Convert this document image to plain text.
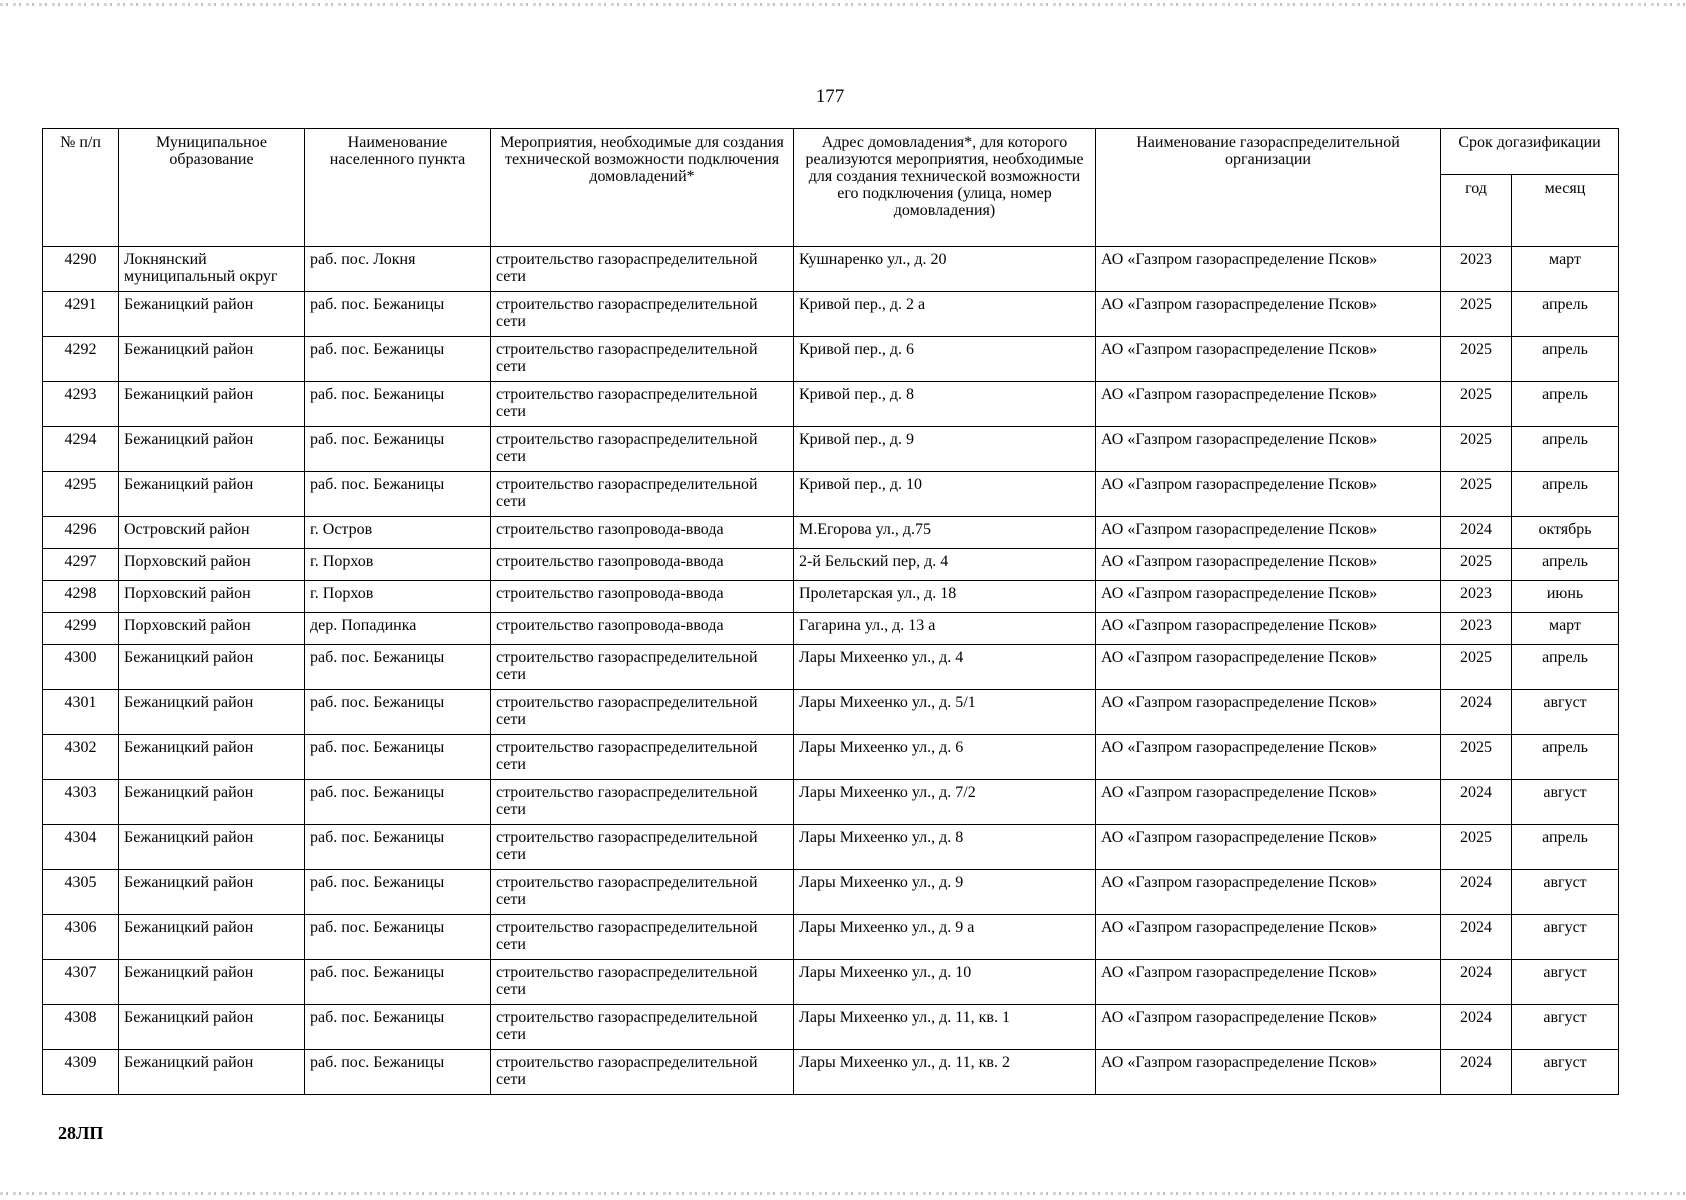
177
№ п/п	Муниципальное образование	Наименование населенного пункта	Мероприятия, необходимые для создания технической возможности подключения домовладений*	Адрес домовладения*, для которого реализуются мероприятия, необходимые для создания технической возможности его подключения (улица, номер домовладения)	Наименование газораспределительной организации	Срок догазификации	
						год	месяц
4290	Локнянский муниципальный округ	раб. пос. Локня	строительство газораспределительной сети	Кушнаренко ул., д. 20	АО «Газпром газораспределение Псков»	2023	март
4291	Бежаницкий район	раб. пос. Бежаницы	строительство газораспределительной сети	Кривой пер., д. 2 а	АО «Газпром газораспределение Псков»	2025	апрель
4292	Бежаницкий район	раб. пос. Бежаницы	строительство газораспределительной сети	Кривой пер., д. 6	АО «Газпром газораспределение Псков»	2025	апрель
4293	Бежаницкий район	раб. пос. Бежаницы	строительство газораспределительной сети	Кривой пер., д. 8	АО «Газпром газораспределение Псков»	2025	апрель
4294	Бежаницкий район	раб. пос. Бежаницы	строительство газораспределительной сети	Кривой пер., д. 9	АО «Газпром газораспределение Псков»	2025	апрель
4295	Бежаницкий район	раб. пос. Бежаницы	строительство газораспределительной сети	Кривой пер., д. 10	АО «Газпром газораспределение Псков»	2025	апрель
4296	Островский район	г. Остров	строительство газопровода-ввода	М.Егорова ул., д.75	АО «Газпром газораспределение Псков»	2024	октябрь
4297	Порховский район	г. Порхов	строительство газопровода-ввода	2-й Бельский пер, д. 4	АО «Газпром газораспределение Псков»	2025	апрель
4298	Порховский район	г. Порхов	строительство газопровода-ввода	Пролетарская ул., д. 18	АО «Газпром газораспределение Псков»	2023	июнь
4299	Порховский район	дер. Попадинка	строительство газопровода-ввода	Гагарина ул., д. 13 а	АО «Газпром газораспределение Псков»	2023	март
4300	Бежаницкий район	раб. пос. Бежаницы	строительство газораспределительной сети	Лары Михеенко ул., д. 4	АО «Газпром газораспределение Псков»	2025	апрель
4301	Бежаницкий район	раб. пос. Бежаницы	строительство газораспределительной сети	Лары Михеенко ул., д. 5/1	АО «Газпром газораспределение Псков»	2024	август
4302	Бежаницкий район	раб. пос. Бежаницы	строительство газораспределительной сети	Лары Михеенко ул., д. 6	АО «Газпром газораспределение Псков»	2025	апрель
4303	Бежаницкий район	раб. пос. Бежаницы	строительство газораспределительной сети	Лары Михеенко ул., д. 7/2	АО «Газпром газораспределение Псков»	2024	август
4304	Бежаницкий район	раб. пос. Бежаницы	строительство газораспределительной сети	Лары Михеенко ул., д. 8	АО «Газпром газораспределение Псков»	2025	апрель
4305	Бежаницкий район	раб. пос. Бежаницы	строительство газораспределительной сети	Лары Михеенко ул., д. 9	АО «Газпром газораспределение Псков»	2024	август
4306	Бежаницкий район	раб. пос. Бежаницы	строительство газораспределительной сети	Лары Михеенко ул., д. 9 а	АО «Газпром газораспределение Псков»	2024	август
4307	Бежаницкий район	раб. пос. Бежаницы	строительство газораспределительной сети	Лары Михеенко ул., д. 10	АО «Газпром газораспределение Псков»	2024	август
4308	Бежаницкий район	раб. пос. Бежаницы	строительство газораспределительной сети	Лары Михеенко ул., д. 11, кв. 1	АО «Газпром газораспределение Псков»	2024	август
4309	Бежаницкий район	раб. пос. Бежаницы	строительство газораспределительной сети	Лары Михеенко ул., д. 11, кв. 2	АО «Газпром газораспределение Псков»	2024	август
28ЛП
